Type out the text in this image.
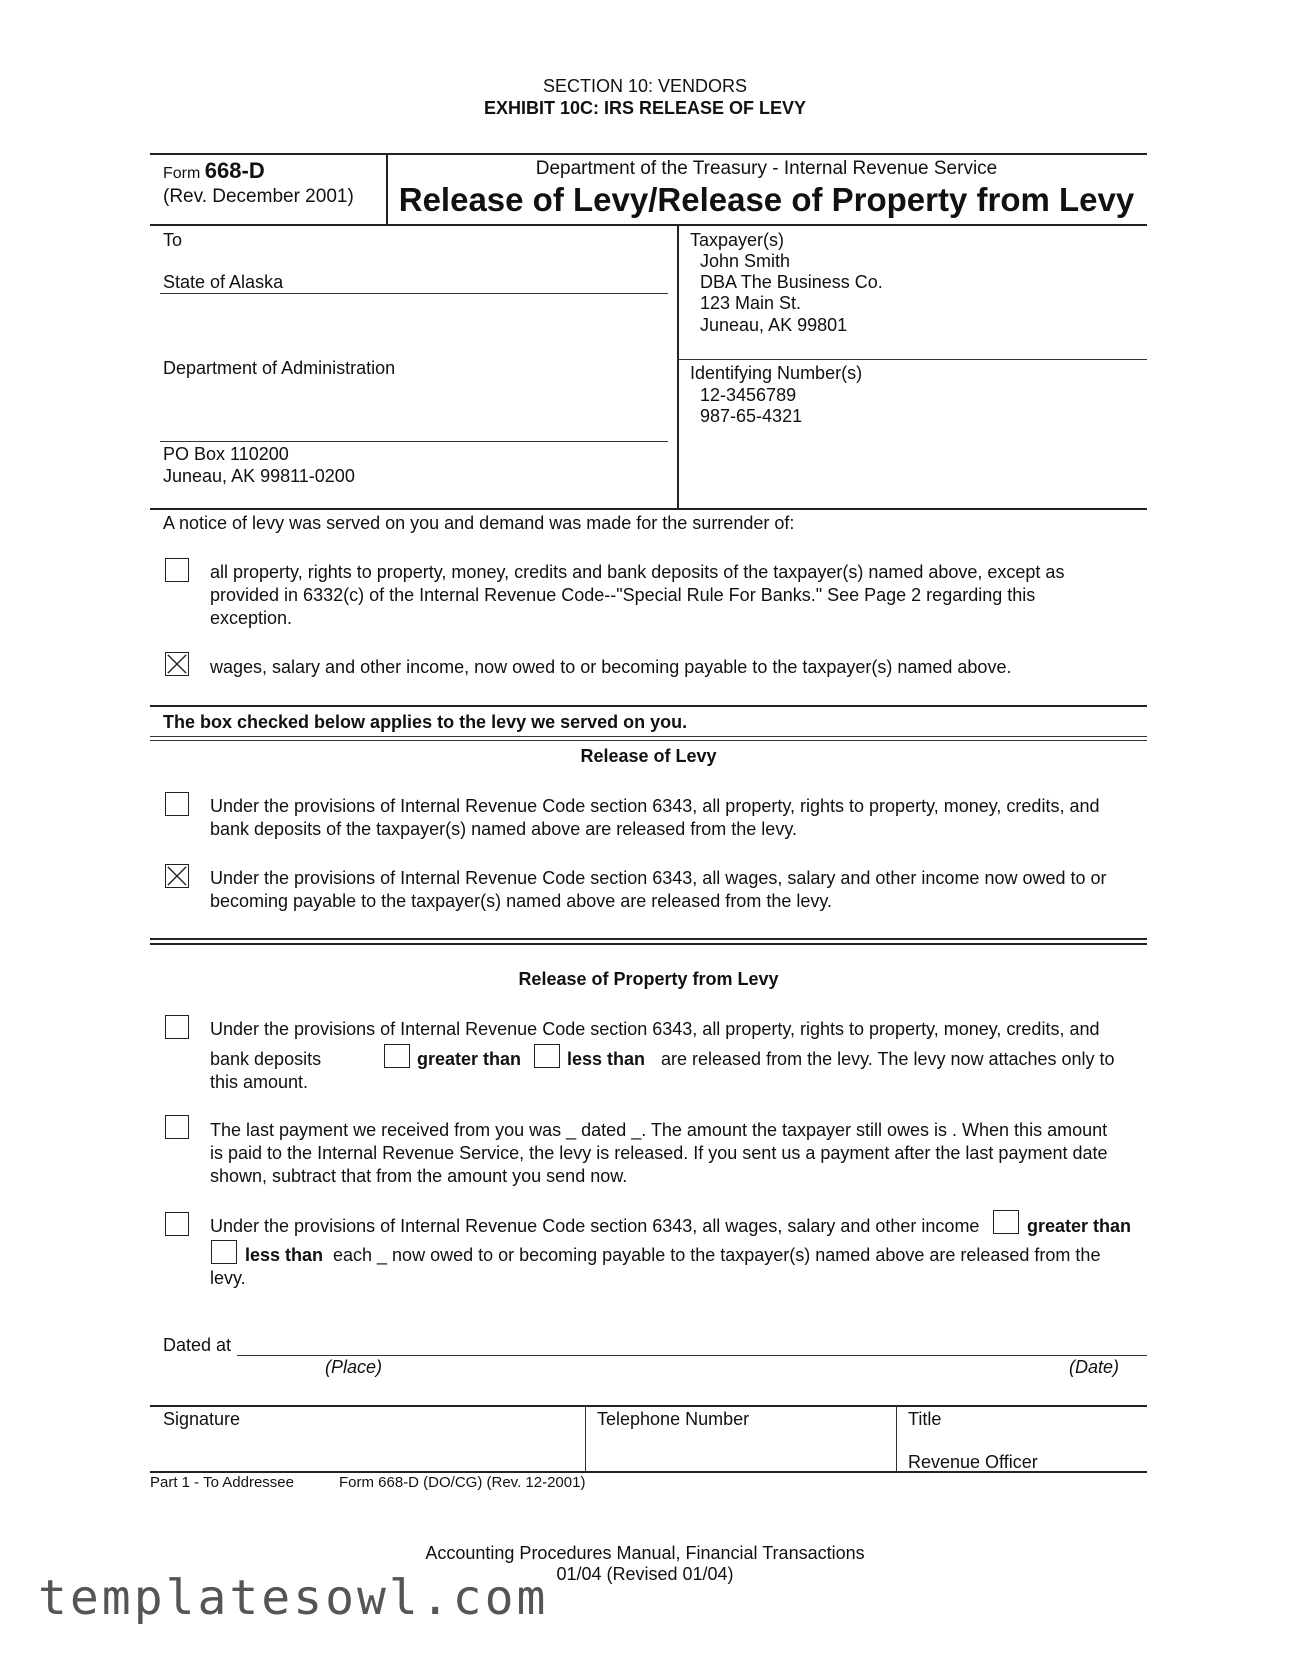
SECTION 10: VENDORS
EXHIBIT 10C: IRS RELEASE OF LEVY
Form 668-D
(Rev. December 2001)
Department of the Treasury - Internal Revenue Service
Release of Levy/Release of Property from Levy
To
State of Alaska
Department of Administration
PO Box 110200
Juneau, AK 99811-0200
Taxpayer(s)
John Smith
DBA The Business Co.
123 Main St.
Juneau, AK 99801
Identifying Number(s)
12-3456789
987-65-4321
A notice of levy was served on you and demand was made for the surrender of:
all property, rights to property, money, credits and bank deposits of the taxpayer(s) named above, except as
provided in 6332(c) of the Internal Revenue Code--"Special Rule For Banks." See Page 2 regarding this
exception.
wages, salary and other income, now owed to or becoming payable to the taxpayer(s) named above.
The box checked below applies to the levy we served on you.
Release of Levy
Under the provisions of Internal Revenue Code section 6343, all property, rights to property, money, credits, and
bank deposits of the taxpayer(s) named above are released from the levy.
Under the provisions of Internal Revenue Code section 6343, all wages, salary and other income now owed to or
becoming payable to the taxpayer(s) named above are released from the levy.
Release of Property from Levy
Under the provisions of Internal Revenue Code section 6343, all property, rights to property, money, credits, and
bank deposits	greater than	less than are released from the levy. The levy now attaches only to
this amount.
The last payment we received from you was _ dated _. The amount the taxpayer still owes is . When this amount
is paid to the Internal Revenue Service, the levy is released. If you sent us a payment after the last payment date
shown, subtract that from the amount you send now.
Under the provisions of Internal Revenue Code section 6343, all wages, salary and other income	greater than
less than each _ now owed to or becoming payable to the taxpayer(s) named above are released from the
levy.
Dated at
(Place)	(Date)
Signature	Telephone Number	Title
Revenue Officer
Part 1 - To Addressee	Form 668-D (DO/CG) (Rev. 12-2001)
Accounting Procedures Manual, Financial Transactions
01/04 (Revised 01/04)
templatesowl.com
